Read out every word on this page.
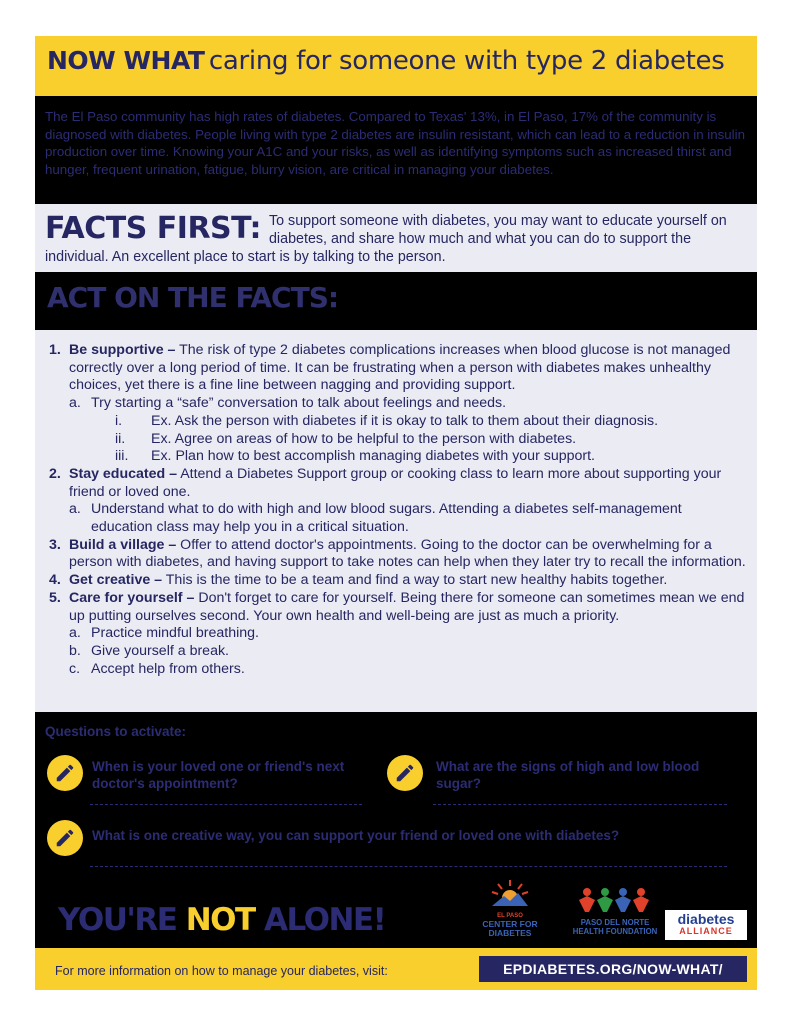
NOW WHAT caring for someone with type 2 diabetes

The El Paso community has high rates of diabetes. Compared to Texas' 13%, in El Paso, 17% of the community is diagnosed with diabetes. People living with type 2 diabetes are insulin resistant, which can lead to a reduction in insulin production over time. Knowing your A1C and your risks, as well as identifying symptoms such as increased thirst and hunger, frequent urination, fatigue, blurry vision, are critical in managing your diabetes.

FACTS FIRST: To support someone with diabetes, you may want to educate yourself on diabetes, and share how much and what you can do to support the individual. An excellent place to start is by talking to the person.
ACT ON THE FACTS:
1. Be supportive – The risk of type 2 diabetes complications increases when blood glucose is not managed correctly over a long period of time. It can be frustrating when a person with diabetes makes unhealthy choices, yet there is a fine line between nagging and providing support.
a. Try starting a “safe” conversation to talk about feelings and needs.
i. Ex. Ask the person with diabetes if it is okay to talk to them about their diagnosis.
ii. Ex. Agree on areas of how to be helpful to the person with diabetes.
iii. Ex. Plan how to best accomplish managing diabetes with your support.
2. Stay educated – Attend a Diabetes Support group or cooking class to learn more about supporting your friend or loved one.
a. Understand what to do with high and low blood sugars. Attending a diabetes self-management education class may help you in a critical situation.
3. Build a village – Offer to attend doctor's appointments. Going to the doctor can be overwhelming for a person with diabetes, and having support to take notes can help when they later try to recall the information.
4. Get creative – This is the time to be a team and find a way to start new healthy habits together.
5. Care for yourself – Don't forget to care for yourself. Being there for someone can sometimes mean we end up putting ourselves second. Your own health and well-being are just as much a priority.
a. Practice mindful breathing.
b. Give yourself a break.
c. Accept help from others.
Questions to activate:
When is your loved one or friend's next doctor's appointment?
What are the signs of high and low blood sugar?
What is one creative way, you can support your friend or loved one with diabetes?
YOU'RE NOT ALONE!	EL PASO
CENTER FOR DIABETES
PASO DEL NORTE HEALTH FOUNDATION
diabetes
ALLIANCE
For more information on how to manage your diabetes, visit:	EPDIABETES.ORG/NOW-WHAT/
